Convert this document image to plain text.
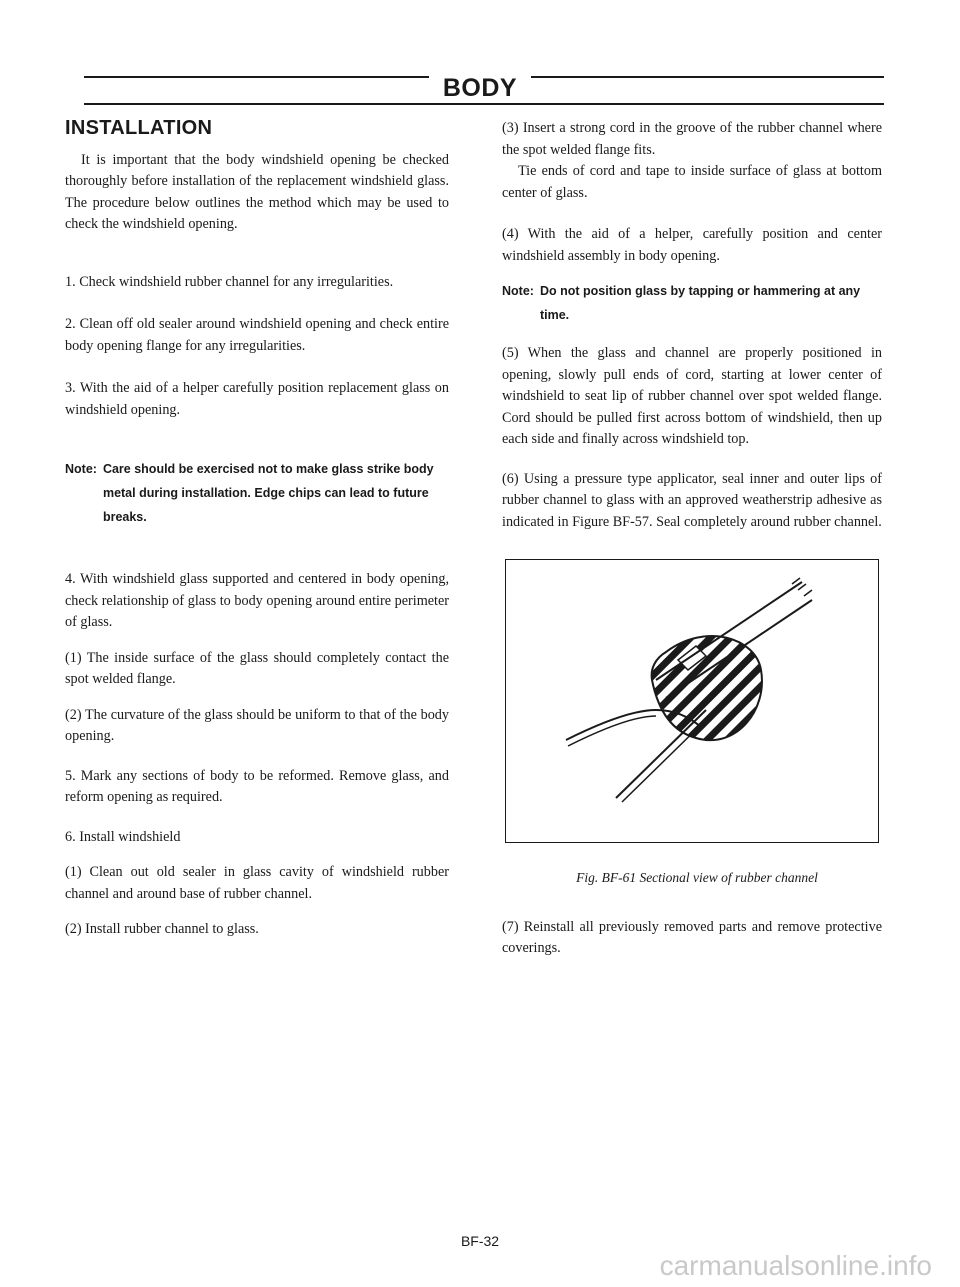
BODY
INSTALLATION

It is important that the body windshield opening be checked thoroughly before installation of the replacement windshield glass. The procedure below outlines the method which may be used to check the windshield opening.

1. Check windshield rubber channel for any irregularities.

2. Clean off old sealer around windshield opening and check entire body opening flange for any irregularities.

3. With the aid of a helper carefully position replacement glass on windshield opening.

Note: Care should be exercised not to make glass strike body metal during installation. Edge chips can lead to future breaks.

4. With windshield glass supported and centered in body opening, check relationship of glass to body opening around entire perimeter of glass.

(1) The inside surface of the glass should completely contact the spot welded flange.

(2) The curvature of the glass should be uniform to that of the body opening.

5. Mark any sections of body to be reformed. Remove glass, and reform opening as required.

6. Install windshield

(1) Clean out old sealer in glass cavity of windshield rubber channel and around base of rubber channel.

(2) Install rubber channel to glass.

(3) Insert a strong cord in the groove of the rubber channel where the spot welded flange fits.

Tie ends of cord and tape to inside surface of glass at bottom center of glass.

(4) With the aid of a helper, carefully position and center windshield assembly in body opening.

Note: Do not position glass by tapping or hammering at any time.

(5) When the glass and channel are properly positioned in opening, slowly pull ends of cord, starting at lower center of windshield to seat lip of rubber channel over spot welded flange. Cord should be pulled first across bottom of windshield, then up each side and finally across windshield top.

(6) Using a pressure type applicator, seal inner and outer lips of rubber channel to glass with an approved weatherstrip adhesive as indicated in Figure BF-57. Seal completely around rubber channel.

Fig. BF-61 Sectional view of rubber channel

(7) Reinstall all previously removed parts and remove protective coverings.

BF-32
carmanualsonline.info
